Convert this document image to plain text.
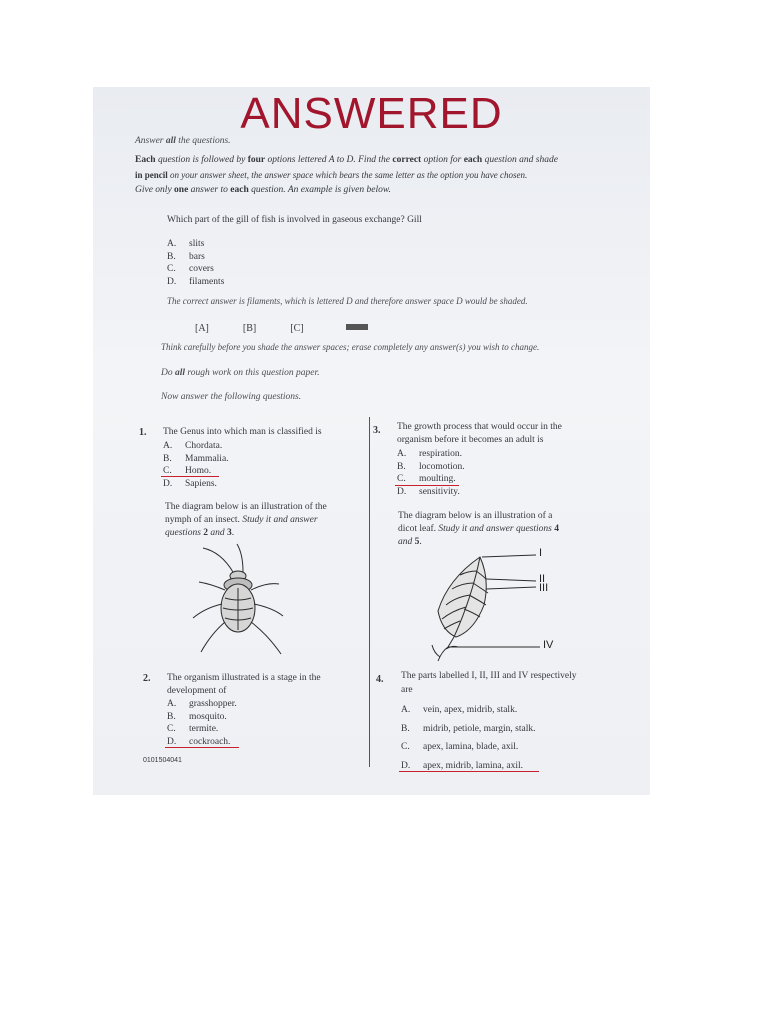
ANSWERED
Answer all the questions.
Each question is followed by four options lettered A to D. Find the correct option for each question and shade
in pencil on your answer sheet, the answer space which bears the same letter as the option you have chosen.
Give only one answer to each question. An example is given below.
Which part of the gill of fish is involved in gaseous exchange? Gill
A. slits
B. bars
C. covers
D. filaments
The correct answer is filaments, which is lettered D and therefore answer space D would be shaded.
[A]	[B]	[C]
Think carefully before you shade the answer spaces; erase completely any answer(s) you wish to change.
Do all rough work on this question paper.
Now answer the following questions.
1. The Genus into which man is classified is
A. Chordata.
B. Mammalia.
C. Homo.
D. Sapiens.
The diagram below is an illustration of the
nymph of an insect. Study it and answer
questions 2 and 3.
2. The organism illustrated is a stage in the
development of
A. grasshopper.
B. mosquito.
C. termite.
D. cockroach.
0101504041
3. The growth process that would occur in the
organism before it becomes an adult is
A. respiration.
B. locomotion.
C. moulting.
D. sensitivity.
The diagram below is an illustration of a
dicot leaf. Study it and answer questions 4
and 5.
I
II
III
IV
4. The parts labelled I, II, III and IV respectively
are
A. vein, apex, midrib, stalk.
B. midrib, petiole, margin, stalk.
C. apex, lamina, blade, axil.
D. apex, midrib, lamina, axil.
